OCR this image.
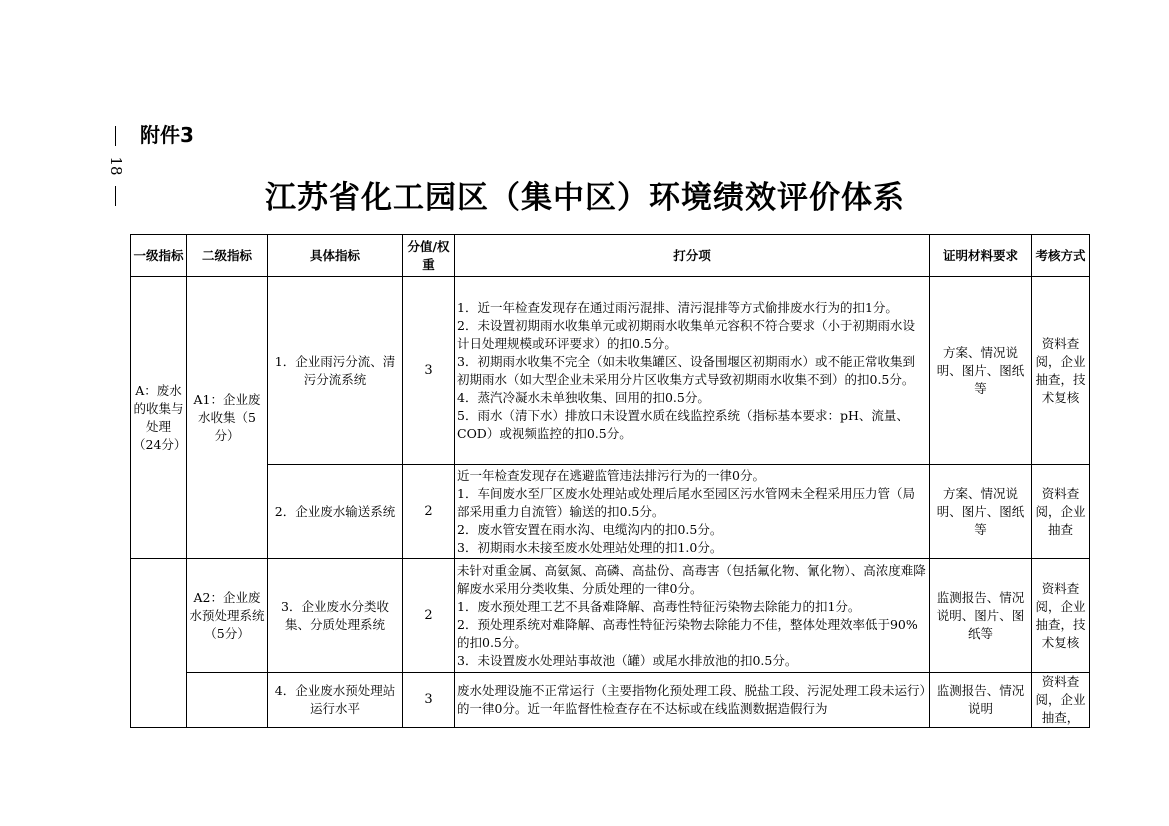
18
附件3
江苏省化工园区（集中区）环境绩效评价体系
一级指标	二级指标	具体指标	分值/权重	打分项	证明材料要求	考核方式
A：废水的收集与处理（24分）	A1：企业废水收集（5分）	1．企业雨污分流、清污分流系统	3	1．近一年检查发现存在通过雨污混排、清污混排等方式偷排废水行为的扣1分。
2．未设置初期雨水收集单元或初期雨水收集单元容积不符合要求（小于初期雨水设计日处理规模或环评要求）的扣0.5分。
3．初期雨水收集不完全（如未收集罐区、设备围堰区初期雨水）或不能正常收集到初期雨水（如大型企业未采用分片区收集方式导致初期雨水收集不到）的扣0.5分。
4．蒸汽冷凝水未单独收集、回用的扣0.5分。
5．雨水（清下水）排放口未设置水质在线监控系统（指标基本要求：pH、流量、COD）或视频监控的扣0.5分。	方案、情况说明、图片、图纸等	资料查阅，企业抽查，技术复核
		2．企业废水输送系统	2	近一年检查发现存在逃避监管违法排污行为的一律0分。
1．车间废水至厂区废水处理站或处理后尾水至园区污水管网未全程采用压力管（局部采用重力自流管）输送的扣0.5分。
2．废水管安置在雨水沟、电缆沟内的扣0.5分。
3．初期雨水未接至废水处理站处理的扣1.0分。	方案、情况说明、图片、图纸等	资料查阅，企业抽查
	A2：企业废水预处理系统（5分）	3．企业废水分类收集、分质处理系统	2	未针对重金属、高氨氮、高磷、高盐份、高毒害（包括氟化物、氰化物）、高浓度难降解废水采用分类收集、分质处理的一律0分。
1．废水预处理工艺不具备难降解、高毒性特征污染物去除能力的扣1分。
2．预处理系统对难降解、高毒性特征污染物去除能力不佳，整体处理效率低于90%的扣0.5分。
3．未设置废水处理站事故池（罐）或尾水排放池的扣0.5分。	监测报告、情况说明、图片、图纸等	资料查阅，企业抽查，技术复核
		4．企业废水预处理站运行水平	3	废水处理设施不正常运行（主要指物化预处理工段、脱盐工段、污泥处理工段未运行）的一律0分。近一年监督性检查存在不达标或在线监测数据造假行为	监测报告、情况说明	资料查阅，企业抽查，
